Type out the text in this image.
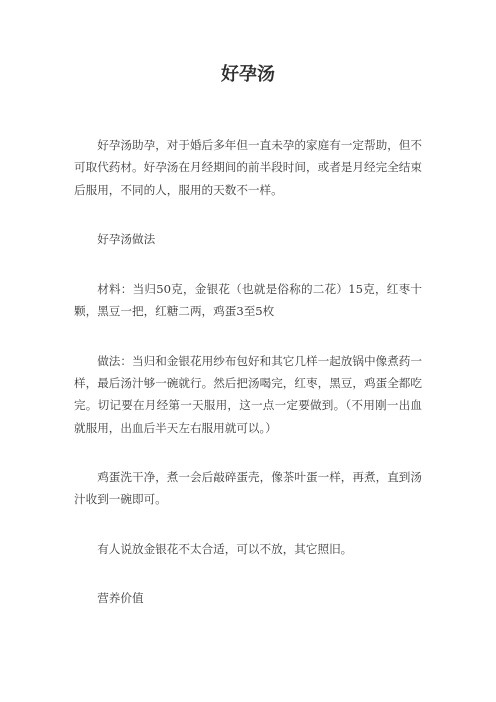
好孕汤

好孕汤助孕，对于婚后多年但一直未孕的家庭有一定帮助，但不可取代药材。好孕汤在月经期间的前半段时间，或者是月经完全结束后服用，不同的人，服用的天数不一样。

好孕汤做法

材料：当归50克，金银花（也就是俗称的二花）15克，红枣十颗，黑豆一把，红糖二两，鸡蛋3至5枚

做法：当归和金银花用纱布包好和其它几样一起放锅中像煮药一样，最后汤汁够一碗就行。然后把汤喝完，红枣，黑豆，鸡蛋全都吃完。切记要在月经第一天服用，这一点一定要做到。（不用刚一出血就服用，出血后半天左右服用就可以。）

鸡蛋洗干净，煮一会后敲碎蛋壳，像茶叶蛋一样，再煮，直到汤汁收到一碗即可。

有人说放金银花不太合适，可以不放，其它照旧。

营养价值
